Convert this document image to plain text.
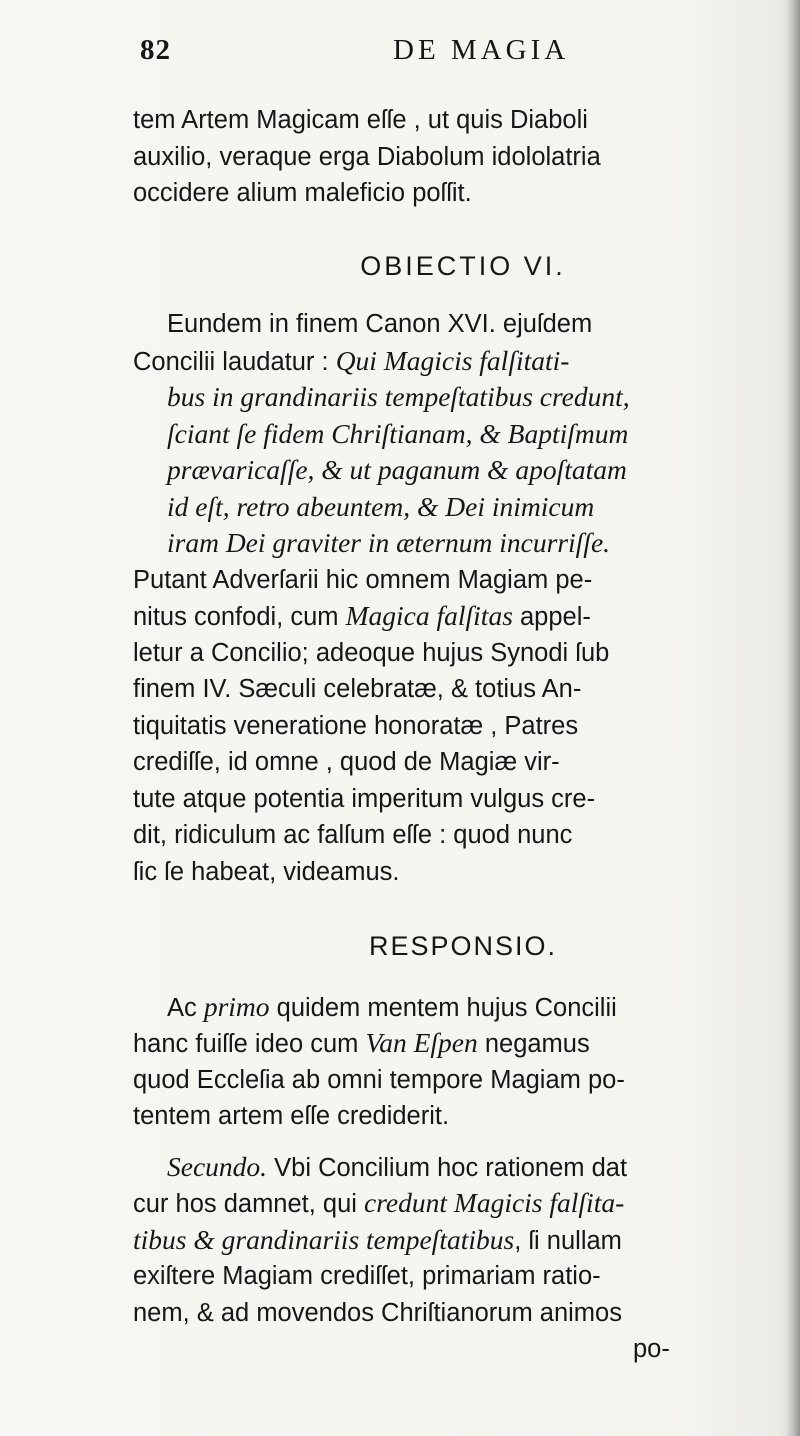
82	DE MAGIA
tem Artem Magicam eſſe , ut quis Diaboli
auxilio, veraque erga Diabolum idololatria
occidere alium maleficio poſſit.
OBIECTIO VI.
Eundem in finem Canon XVI. ejuſdem
Concilii laudatur : Qui Magicis falſitati-
bus in grandinariis tempeſtatibus credunt,
ſciant ſe fidem Chriſtianam, & Baptiſmum
prævaricaſſe, & ut paganum & apoſtatam
id eſt, retro abeuntem, & Dei inimicum
iram Dei graviter in æternum incurriſſe.
Putant Adverſarii hic omnem Magiam pe-
nitus confodi, cum Magica falſitas appel-
letur a Concilio; adeoque hujus Synodi ſub
finem IV. Sæculi celebratæ, & totius An-
tiquitatis veneratione honoratæ , Patres
crediſſe, id omne , quod de Magiæ vir-
tute atque potentia imperitum vulgus cre-
dit, ridiculum ac falſum eſſe : quod nunc
ſic ſe habeat, videamus.
RESPONSIO.
Ac primo quidem mentem hujus Concilii
hanc fuiſſe ideo cum Van Eſpen negamus
quod Eccleſia ab omni tempore Magiam po-
tentem artem eſſe crediderit.
Secundo. Vbi Concilium hoc rationem dat
cur hos damnet, qui credunt Magicis falſita-
tibus & grandinariis tempeſtatibus, ſi nullam
exiſtere Magiam crediſſet, primariam ratio-
nem, & ad movendos Chriſtianorum animos
po-
